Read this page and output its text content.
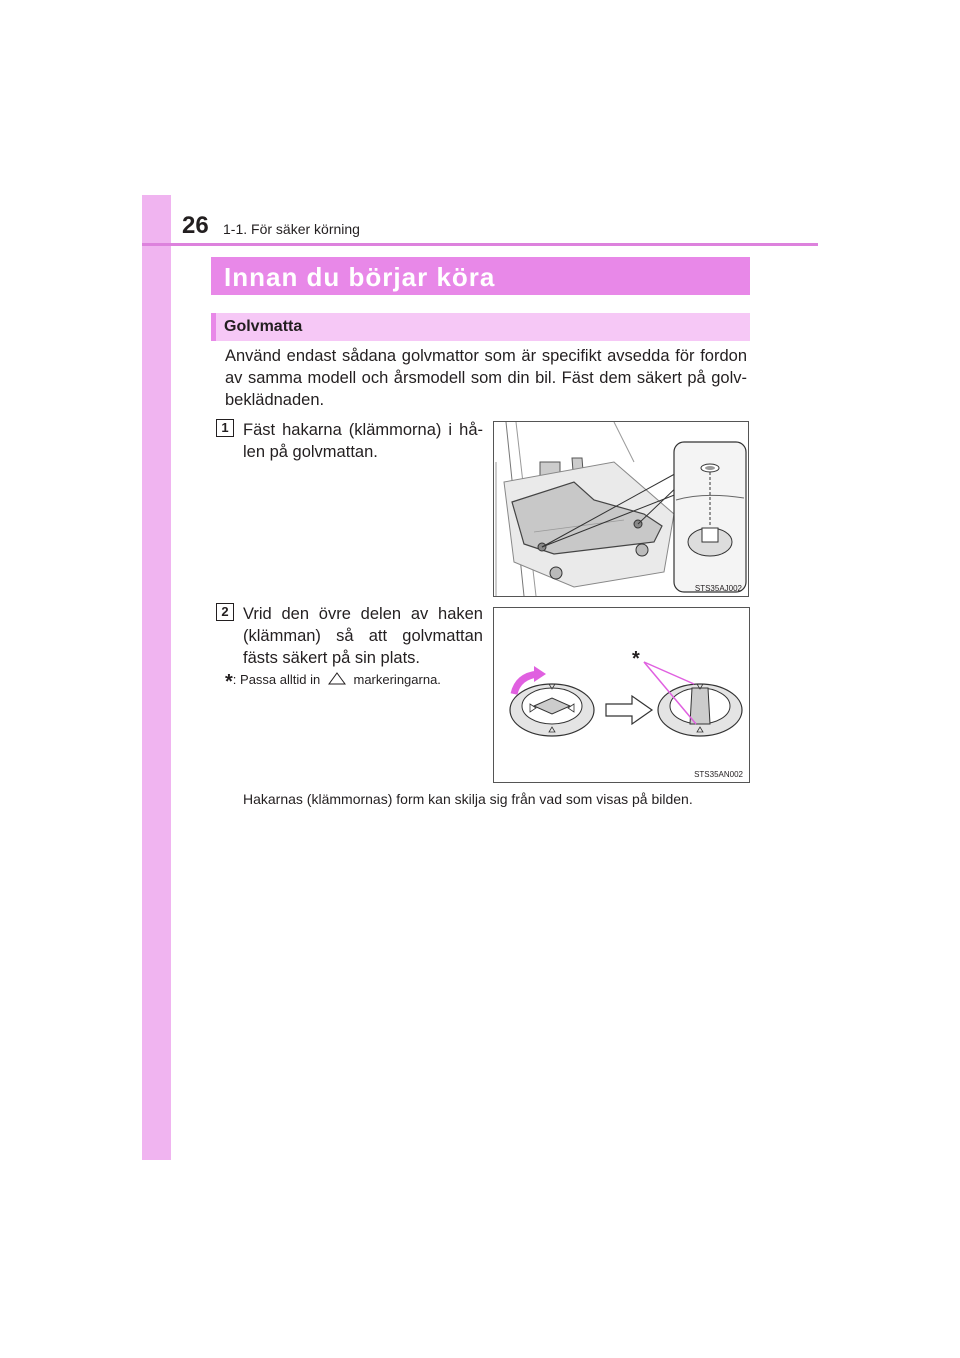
26 1-1. För säker körning
Innan du börjar köra
Golvmatta
Använd endast sådana golvmattor som är specifikt avsedda för fordon av samma modell och årsmodell som din bil. Fäst dem säkert på golv-beklädnaden.
1 Fäst hakarna (klämmorna) i hå-len på golvmattan.
STS35AJ002
2 Vrid den övre delen av haken (klämman) så att golvmattan fästs säkert på sin plats.
*: Passa alltid in	markeringarna.
*
STS35AN002
Hakarnas (klämmornas) form kan skilja sig från vad som visas på bilden.
